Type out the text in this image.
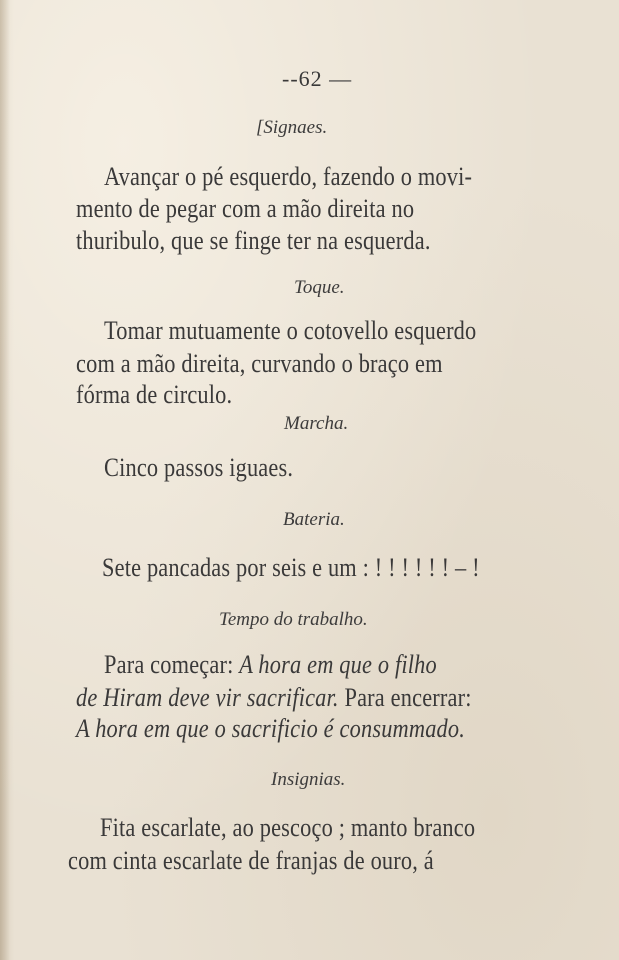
--62 —
[Signaes.
Avançar o pé esquerdo, fazendo o movi-
mento de pegar com a mão direita no
thuribulo, que se finge ter na esquerda.
Toque.
Tomar mutuamente o cotovello esquerdo
com a mão direita, curvando o braço em
fórma de circulo.
Marcha.
Cinco passos iguaes.
Bateria.
Sete pancadas por seis e um : ! ! ! ! ! ! – !
Tempo do trabalho.
Para começar: A hora em que o filho
de Hiram deve vir sacrificar. Para encerrar:
A hora em que o sacrificio é consummado.
Insignias.
Fita escarlate, ao pescoço ; manto branco
com cinta escarlate de franjas de ouro, á
